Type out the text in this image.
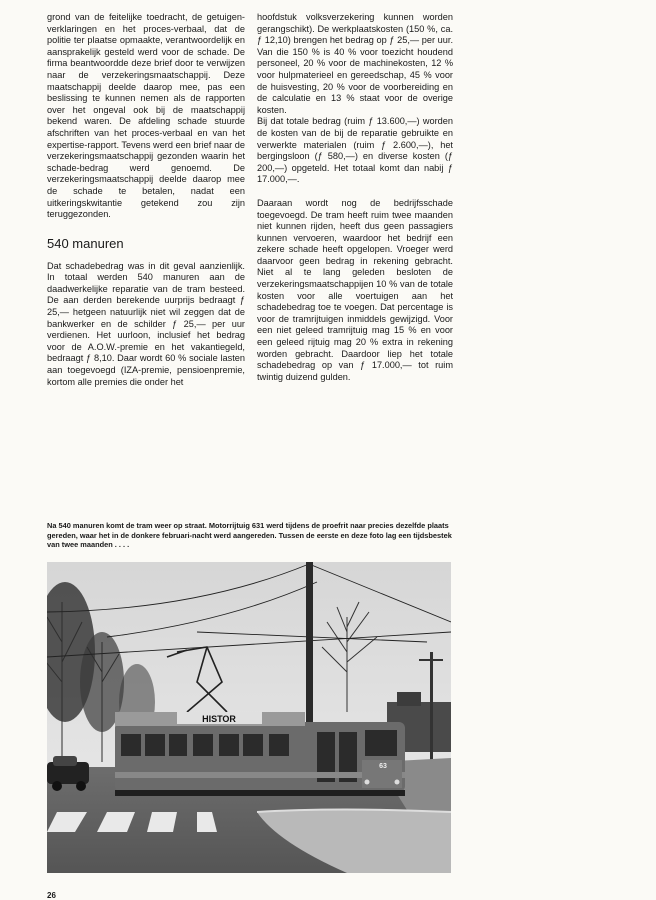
grond van de feitelijke toedracht, de getuigen-verklaringen en het proces-verbaal, dat de politie ter plaatse opmaakte, verantwoordelijk en aansprakelijk gesteld werd voor de schade. De firma beantwoordde deze brief door te verwijzen naar de verzekeringsmaatschappij. Deze maatschappij deelde daarop mee, pas een beslissing te kunnen nemen als de rapporten over het ongeval ook bij de maatschappij bekend waren. De afdeling schade stuurde afschriften van het proces-verbaal en van het expertise-rapport. Tevens werd een brief naar de verzekeringsmaatschappij gezonden waarin het schade-bedrag werd genoemd. De verzekeringsmaatschappij deelde daarop mee de schade te betalen, nadat een uitkeringskwitantie getekend zou zijn teruggezonden.

540 manuren

Dat schadebedrag was in dit geval aanzienlijk. In totaal werden 540 manuren aan de daadwerkelijke reparatie van de tram besteed. De aan derden berekende uurprijs bedraagt ƒ 25,— hetgeen natuurlijk niet wil zeggen dat de bankwerker en de schilder ƒ 25,— per uur verdienen. Het uurloon, inclusief het bedrag voor de A.O.W.-premie en het vakantiegeld, bedraagt ƒ 8,10. Daar wordt 60 % sociale lasten aan toegevoegd (IZA-premie, pensioenpremie, kortom alle premies die onder het

hoofdstuk volksverzekering kunnen worden gerangschikt). De werkplaatskosten (150 %, ca. ƒ 12,10) brengen het bedrag op ƒ 25,— per uur. Van die 150 % is 40 % voor toezicht houdend personeel, 20 % voor de machinekosten, 12 % voor hulpmaterieel en gereedschap, 45 % voor de huisvesting, 20 % voor de voorbereiding en de calculatie en 13 % staat voor de overige kosten.

Bij dat totale bedrag (ruim ƒ 13.600,—) worden de kosten van de bij de reparatie gebruikte en verwerkte materialen (ruim ƒ 2.600,—), het bergingsloon (ƒ 580,—) en diverse kosten (ƒ 200,—) opgeteld. Het totaal komt dan nabij ƒ 17.000,—.

Daaraan wordt nog de bedrijfsschade toegevoegd. De tram heeft ruim twee maanden niet kunnen rijden, heeft dus geen passagiers kunnen vervoeren, waardoor het bedrijf een zekere schade heeft opgelopen. Vroeger werd daarvoor geen bedrag in rekening gebracht. Niet al te lang geleden besloten de verzekeringsmaatschappijen 10 % van de totale kosten voor alle voertuigen aan het schadebedrag toe te voegen. Dat percentage is voor de tramrijtuigen inmiddels gewijzigd. Voor een niet geleed tramrijtuig mag 15 % en voor een geleed rijtuig mag 20 % extra in rekening worden gebracht. Daardoor liep het totale schadebedrag op van ƒ 17.000,— tot ruim twintig duizend gulden.

Na 540 manuren komt de tram weer op straat. Motorrijtuig 631 werd tijdens de proefrit naar precies dezelfde plaats gereden, waar het in de donkere februari-nacht werd aangereden. Tussen de eerste en deze foto lag een tijdsbestek van twee maanden . . . .
HISTOR
63
26
